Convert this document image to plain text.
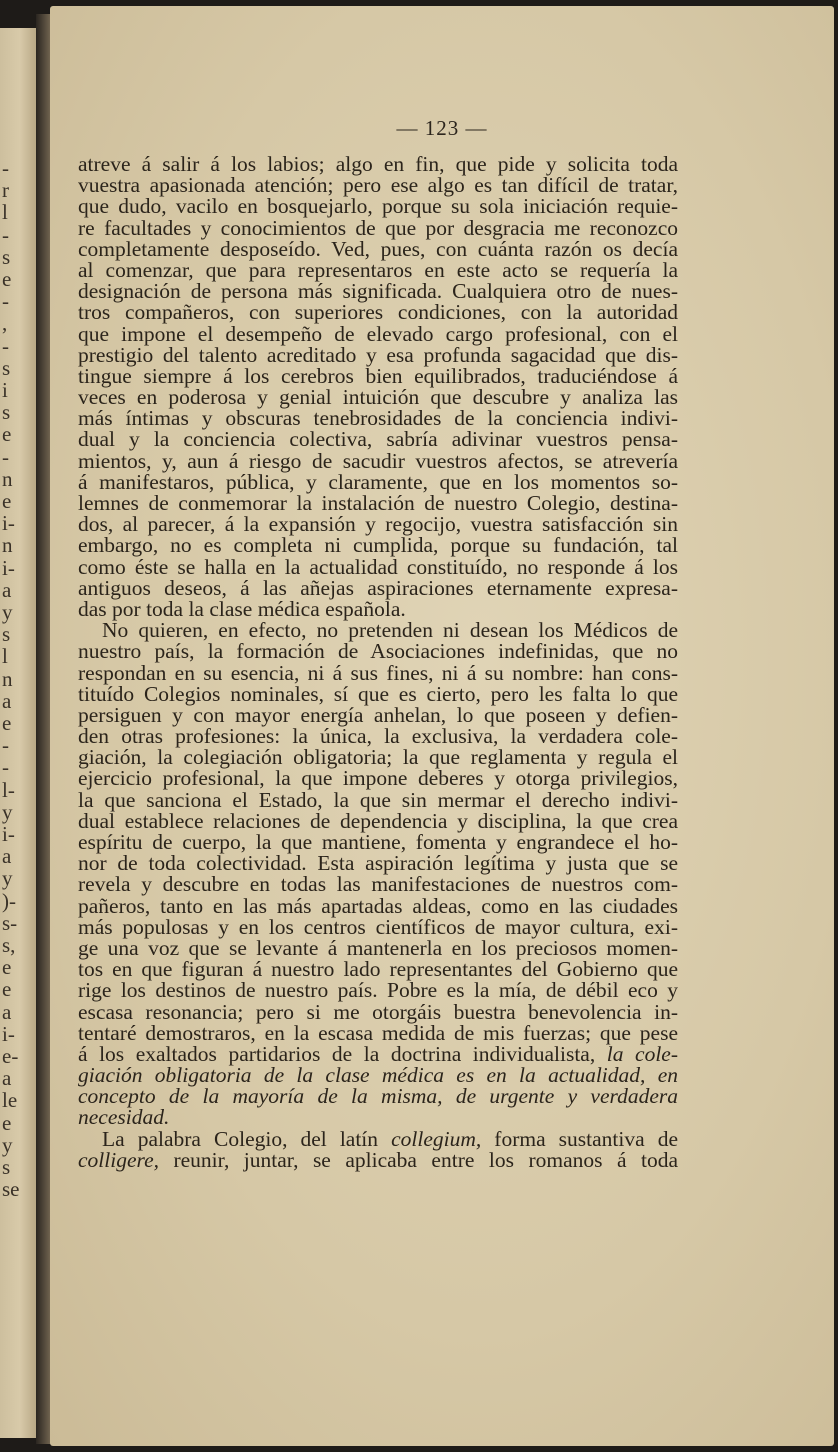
-
r
l
-
s
e
-
,
-
s
i
s
e
-
n
e
i-
n
i-
a
y
s
l
n
a
e
-
-
l-
y
i-
a
y
)-
s-
s,
e
e
a
i-
e-
a
le
e
y
s
se
— 123 —
atreve á salir á los labios; algo en fin, que pide y solicita toda
vuestra apasionada atención; pero ese algo es tan difícil de tratar,
que dudo, vacilo en bosquejarlo, porque su sola iniciación requie-
re facultades y conocimientos de que por desgracia me reconozco
completamente desposeído. Ved, pues, con cuánta razón os decía
al comenzar, que para representaros en este acto se requería la
designación de persona más significada. Cualquiera otro de nues-
tros compañeros, con superiores condiciones, con la autoridad
que impone el desempeño de elevado cargo profesional, con el
prestigio del talento acreditado y esa profunda sagacidad que dis-
tingue siempre á los cerebros bien equilibrados, traduciéndose á
veces en poderosa y genial intuición que descubre y analiza las
más íntimas y obscuras tenebrosidades de la conciencia indivi-
dual y la conciencia colectiva, sabría adivinar vuestros pensa-
mientos, y, aun á riesgo de sacudir vuestros afectos, se atrevería
á manifestaros, pública, y claramente, que en los momentos so-
lemnes de conmemorar la instalación de nuestro Colegio, destina-
dos, al parecer, á la expansión y regocijo, vuestra satisfacción sin
embargo, no es completa ni cumplida, porque su fundación, tal
como éste se halla en la actualidad constituído, no responde á los
antiguos deseos, á las añejas aspiraciones eternamente expresa-
das por toda la clase médica española.
No quieren, en efecto, no pretenden ni desean los Médicos de
nuestro país, la formación de Asociaciones indefinidas, que no
respondan en su esencia, ni á sus fines, ni á su nombre: han cons-
tituído Colegios nominales, sí que es cierto, pero les falta lo que
persiguen y con mayor energía anhelan, lo que poseen y defien-
den otras profesiones: la única, la exclusiva, la verdadera cole-
giación, la colegiación obligatoria; la que reglamenta y regula el
ejercicio profesional, la que impone deberes y otorga privilegios,
la que sanciona el Estado, la que sin mermar el derecho indivi-
dual establece relaciones de dependencia y disciplina, la que crea
espíritu de cuerpo, la que mantiene, fomenta y engrandece el ho-
nor de toda colectividad. Esta aspiración legítima y justa que se
revela y descubre en todas las manifestaciones de nuestros com-
pañeros, tanto en las más apartadas aldeas, como en las ciudades
más populosas y en los centros científicos de mayor cultura, exi-
ge una voz que se levante á mantenerla en los preciosos momen-
tos en que figuran á nuestro lado representantes del Gobierno que
rige los destinos de nuestro país. Pobre es la mía, de débil eco y
escasa resonancia; pero si me otorgáis buestra benevolencia in-
tentaré demostraros, en la escasa medida de mis fuerzas; que pese
á los exaltados partidarios de la doctrina individualista, la cole-
giación obligatoria de la clase médica es en la actualidad, en
concepto de la mayoría de la misma, de urgente y verdadera
necesidad.
La palabra Colegio, del latín collegium, forma sustantiva de
colligere, reunir, juntar, se aplicaba entre los romanos á toda
